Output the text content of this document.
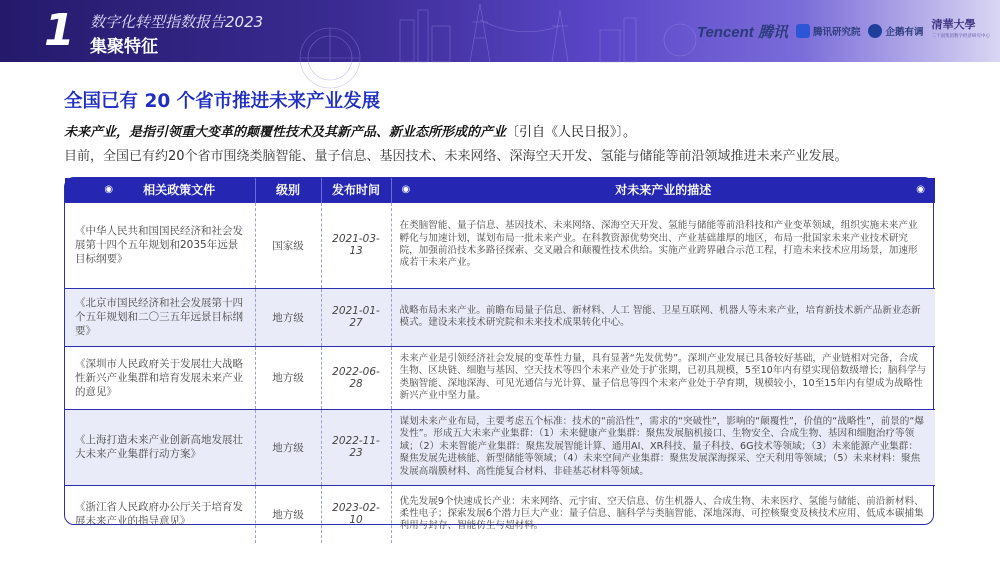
1 数字化转型指数报告2023
集聚特征
Tencent 腾讯	腾讯研究院	企鹅有调
清華大學
二十国集团数字经济研究中心
全国已有 20 个省市推进未来产业发展
未来产业，是指引领重大变革的颠覆性技术及其新产品、新业态所形成的产业〔引自《人民日报》〕。
目前，全国已有约20个省市围绕类脑智能、量子信息、基因技术、未来网络、深海空天开发、氢能与储能等前沿领域推进未来产业发展。
◉ 相关政策文件	级别	发布时间	◉ 对未来产业的描述 ◉

《中华人民共和国国民经济和社会发展第十四个五年规划和2035年远景目标纲要》	国家级	2021-03-13	在类脑智能、量子信息、基因技术、未来网络、深海空天开发、氢能与储能等前沿科技和产业变革领域，组织实施未来产业孵化与加速计划，谋划布局一批未来产业。在科教资源优势突出、产业基础雄厚的地区，布局一批国家未来产业技术研究院，加强前沿技术多路径探索、交叉融合和颠覆性技术供给。实施产业跨界融合示范工程，打造未来技术应用场景，加速形成若干未来产业。
《北京市国民经济和社会发展第十四个五年规划和二〇三五年远景目标纲要》	地方级	2021-01-27	战略布局未来产业。前瞻布局量子信息、新材料、人工 智能、卫星互联网、机器人等未来产业，培育新技术新产品新业态新模式。建设未来技术研究院和未来技术成果转化中心。
《深圳市人民政府关于发展壮大战略性新兴产业集群和培育发展未来产业的意见》	地方级	2022-06-28	未来产业是引领经济社会发展的变革性力量，具有显著“先发优势”。深圳产业发展已具备较好基础，产业链相对完备，合成生物、区块链、细胞与基因、空天技术等四个未来产业处于扩张期，已初具规模，5至10年内有望实现倍数级增长；脑科学与类脑智能、深地深海、可见光通信与光计算、量子信息等四个未来产业处于孕育期，规模较小，10至15年内有望成为战略性新兴产业中坚力量。
《上海打造未来产业创新高地发展壮大未来产业集群行动方案》	地方级	2022-11-23	谋划未来产业布局，主要考虑五个标准：技术的“前沿性”，需求的“突破性”，影响的“颠覆性”，价值的“战略性”，前景的“爆发性”。形成五大未来产业集群：（1）未来健康产业集群：聚焦发展脑机接口、生物安全、合成生物、基因和细胞治疗等领域；（2）未来智能产业集群：聚焦发展智能计算、通用AI、XR科技、量子科技、6G技术等领域；（3）未来能源产业集群：聚焦发展先进核能、新型储能等领域；（4）未来空间产业集群：聚焦发展深海探采、空天利用等领域；（5）未来材料：聚焦发展高端膜材料、高性能复合材料、非硅基芯材料等领域。
《浙江省人民政府办公厅关于培育发展未来产业的指导意见》	地方级	2023-02-10	优先发展9个快速成长产业：未来网络、元宇宙、空天信息、仿生机器人、合成生物、未来医疗、氢能与储能、前沿新材料、柔性电子；探索发展6个潜力巨大产业：量子信息、脑科学与类脑智能、深地深海、可控核聚变及核技术应用、低成本碳捕集利用与封存、智能仿生与超材料。
